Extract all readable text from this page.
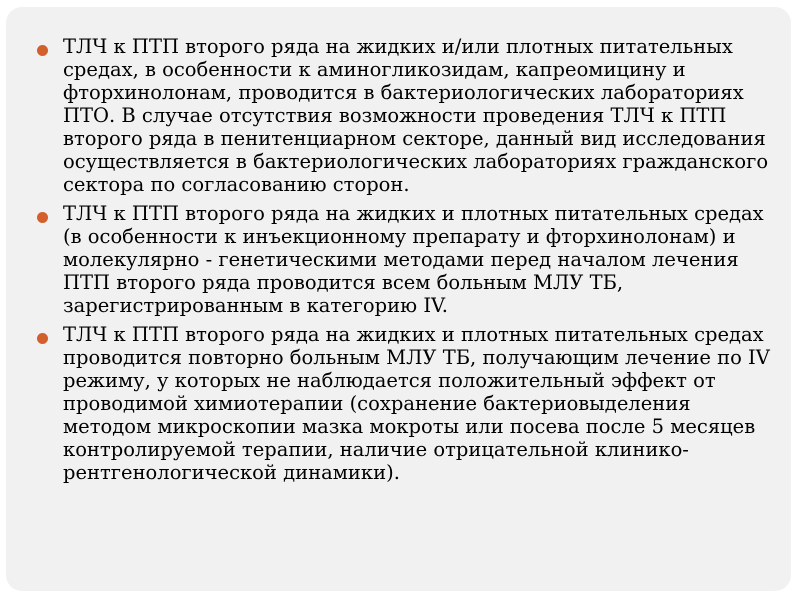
ТЛЧ к ПТП второго ряда на жидких и/или плотных питательных средах, в особенности к аминогликозидам, капреомицину и фторхинолонам, проводится в бактериологических лабораториях ПТО. В случае отсутствия возможности проведения ТЛЧ к ПТП второго ряда в пенитенциарном секторе, данный вид исследования осуществляется в бактериологических лабораториях гражданского сектора по согласованию сторон.
ТЛЧ к ПТП второго ряда на жидких и плотных питательных средах (в особенности к инъекционному препарату и фторхинолонам) и молекулярно - генетическими методами перед началом лечения ПТП второго ряда проводится всем больным МЛУ ТБ, зарегистрированным в категорию IV.
ТЛЧ к ПТП второго ряда на жидких и плотных питательных средах проводится повторно больным МЛУ ТБ, получающим лечение по IV режиму, у которых не наблюдается положительный эффект от проводимой химиотерапии (сохранение бактериовыделения методом микроскопии мазка мокроты или посева после 5 месяцев контролируемой терапии, наличие отрицательной клинико-рентгенологической динамики).
